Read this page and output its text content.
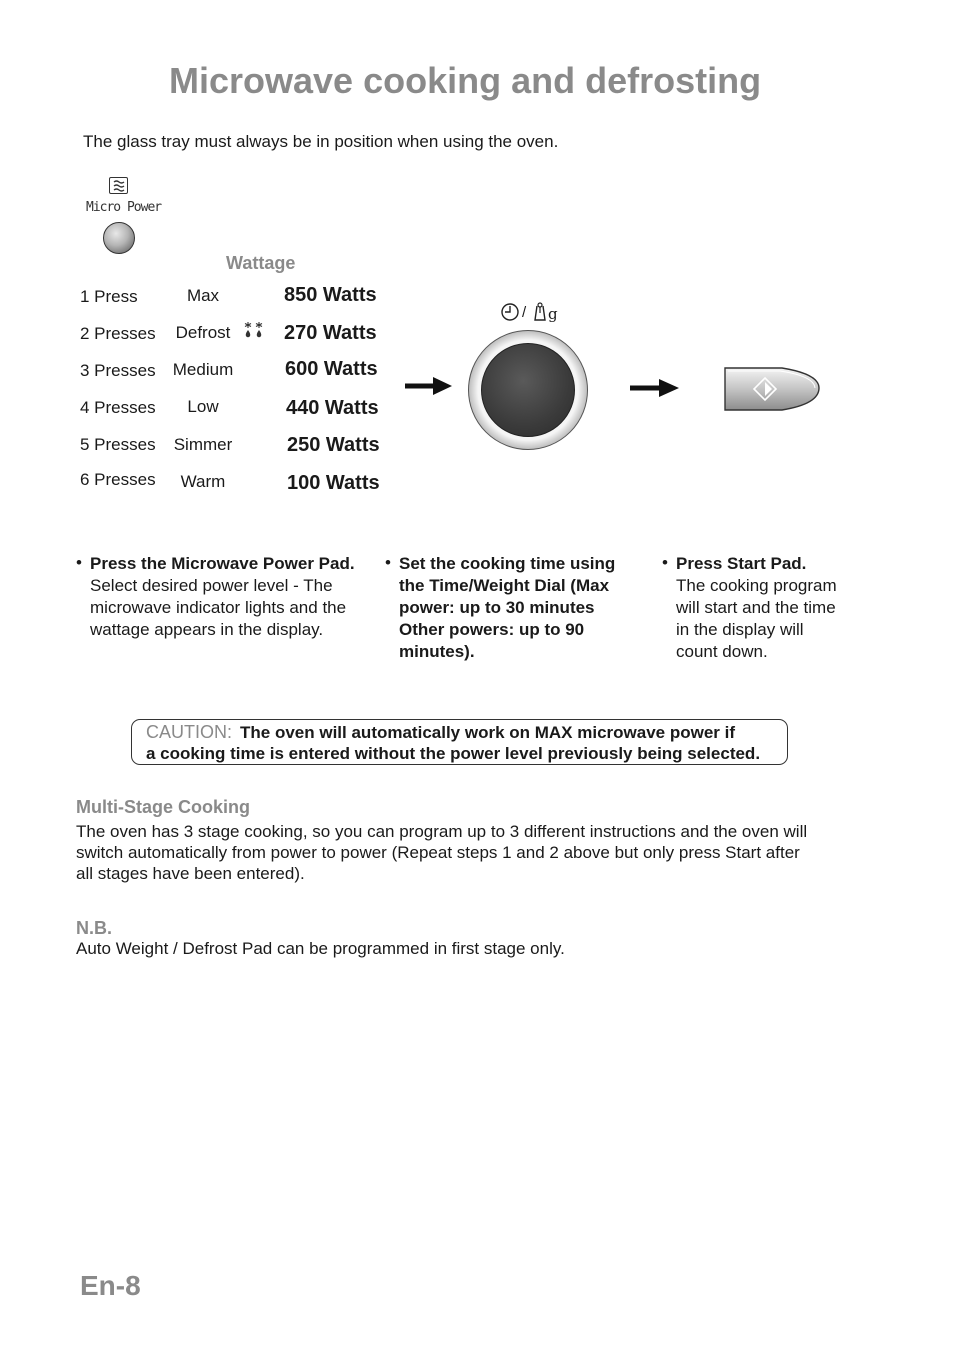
Microwave cooking and defrosting
The glass tray must always be in position when using the oven.
Micro Power
Wattage
1 Press	Max	850 Watts
2 Presses	Defrost	270 Watts
3 Presses	Medium	600 Watts
4 Presses	Low	440 Watts
5 Presses	Simmer	250 Watts
6 Presses	Warm	100 Watts
/ g
• Press the Microwave Power Pad.
Select desired power level - The
microwave indicator lights and the
wattage appears in the display.
• Set the cooking time using
the Time/Weight Dial (Max
power: up to 30 minutes
Other powers: up to 90
minutes).
• Press Start Pad.
The cooking program
will start and the time
in the display will
count down.
CAUTION: The oven will automatically work on MAX microwave power if
a cooking time is entered without the power level previously being selected.
Multi-Stage Cooking
The oven has 3 stage cooking, so you can program up to 3 different instructions and the oven will
switch automatically from power to power (Repeat steps 1 and 2 above but only press Start after
all stages have been entered).
N.B.
Auto Weight / Defrost Pad can be programmed in first stage only.
En-8
